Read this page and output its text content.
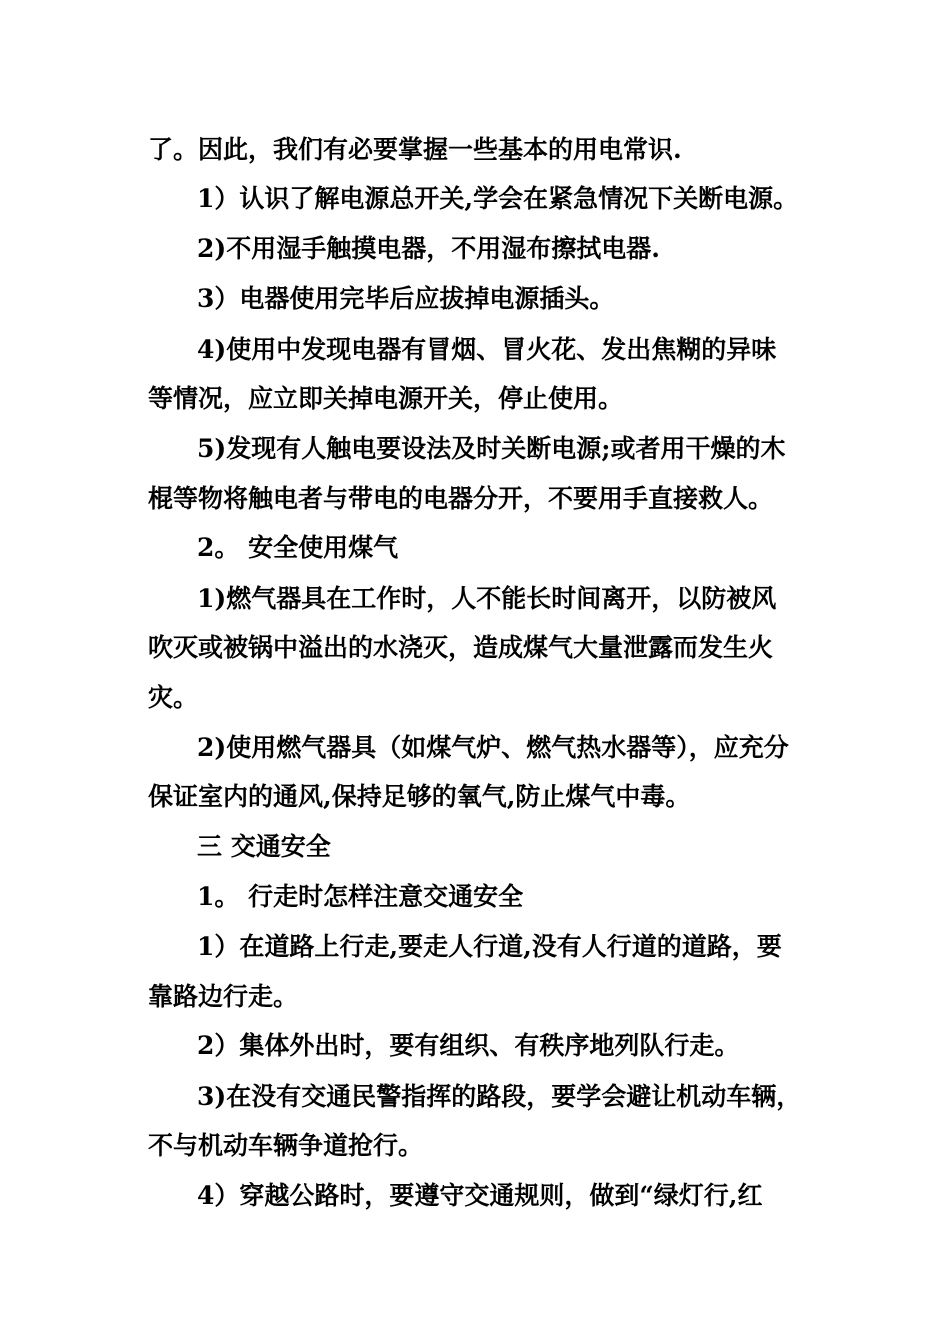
了。因此，我们有必要掌握一些基本的用电常识.
1）认识了解电源总开关,学会在紧急情况下关断电源。
2)不用湿手触摸电器，不用湿布擦拭电器.
3）电器使用完毕后应拔掉电源插头。
4)使用中发现电器有冒烟、冒火花、发出焦糊的异味
等情况，应立即关掉电源开关，停止使用。
5)发现有人触电要设法及时关断电源;或者用干燥的木
棍等物将触电者与带电的电器分开，不要用手直接救人。
2。 安全使用煤气
1)燃气器具在工作时，人不能长时间离开，以防被风
吹灭或被锅中溢出的水浇灭，造成煤气大量泄露而发生火
灾。
2)使用燃气器具（如煤气炉、燃气热水器等），应充分
保证室内的通风,保持足够的氧气,防止煤气中毒。
三 交通安全
1。 行走时怎样注意交通安全
1）在道路上行走,要走人行道,没有人行道的道路，要
靠路边行走。
2）集体外出时，要有组织、有秩序地列队行走。
3)在没有交通民警指挥的路段，要学会避让机动车辆，
不与机动车辆争道抢行。
4）穿越公路时，要遵守交通规则，做到“绿灯行,红
